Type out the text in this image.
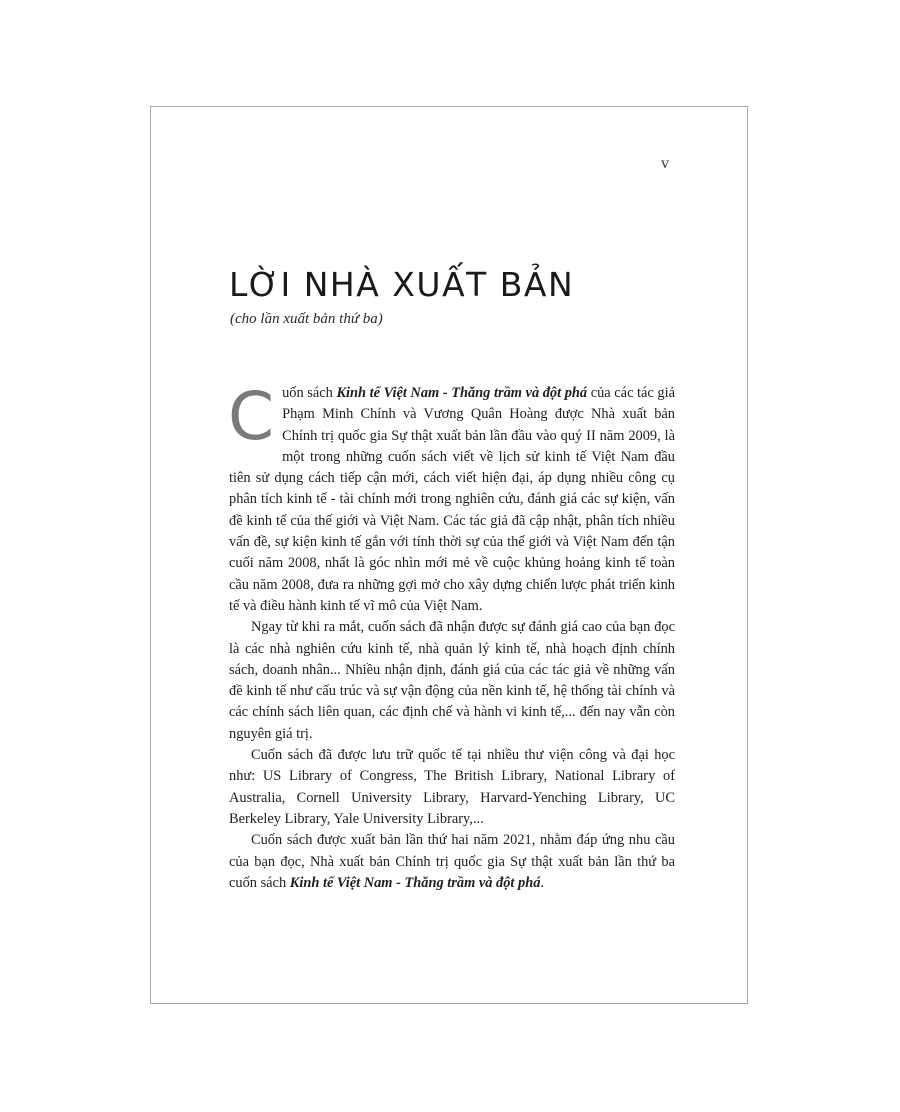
v
LỜI NHÀ XUẤT BẢN
(cho lần xuất bản thứ ba)

Cuốn sách Kinh tế Việt Nam - Thăng trầm và đột phá của các tác giả Phạm Minh Chính và Vương Quân Hoàng được Nhà xuất bản Chính trị quốc gia Sự thật xuất bản lần đầu vào quý II năm 2009, là một trong những cuốn sách viết về lịch sử kinh tế Việt Nam đầu tiên sử dụng cách tiếp cận mới, cách viết hiện đại, áp dụng nhiều công cụ phân tích kinh tế - tài chính mới trong nghiên cứu, đánh giá các sự kiện, vấn đề kinh tế của thế giới và Việt Nam. Các tác giả đã cập nhật, phân tích nhiều vấn đề, sự kiện kinh tế gắn với tính thời sự của thế giới và Việt Nam đến tận cuối năm 2008, nhất là góc nhìn mới mẻ về cuộc khủng hoảng kinh tế toàn cầu năm 2008, đưa ra những gợi mở cho xây dựng chiến lược phát triển kinh tế và điều hành kinh tế vĩ mô của Việt Nam.

Ngay từ khi ra mắt, cuốn sách đã nhận được sự đánh giá cao của bạn đọc là các nhà nghiên cứu kinh tế, nhà quản lý kinh tế, nhà hoạch định chính sách, doanh nhân... Nhiều nhận định, đánh giá của các tác giả về những vấn đề kinh tế như cấu trúc và sự vận động của nền kinh tế, hệ thống tài chính và các chính sách liên quan, các định chế và hành vi kinh tế,... đến nay vẫn còn nguyên giá trị.

Cuốn sách đã được lưu trữ quốc tế tại nhiều thư viện công và đại học như: US Library of Congress, The British Library, National Library of Australia, Cornell University Library, Harvard-Yenching Library, UC Berkeley Library, Yale University Library,...

Cuốn sách được xuất bản lần thứ hai năm 2021, nhằm đáp ứng nhu cầu của bạn đọc, Nhà xuất bản Chính trị quốc gia Sự thật xuất bản lần thứ ba cuốn sách Kinh tế Việt Nam - Thăng trầm và đột phá.
